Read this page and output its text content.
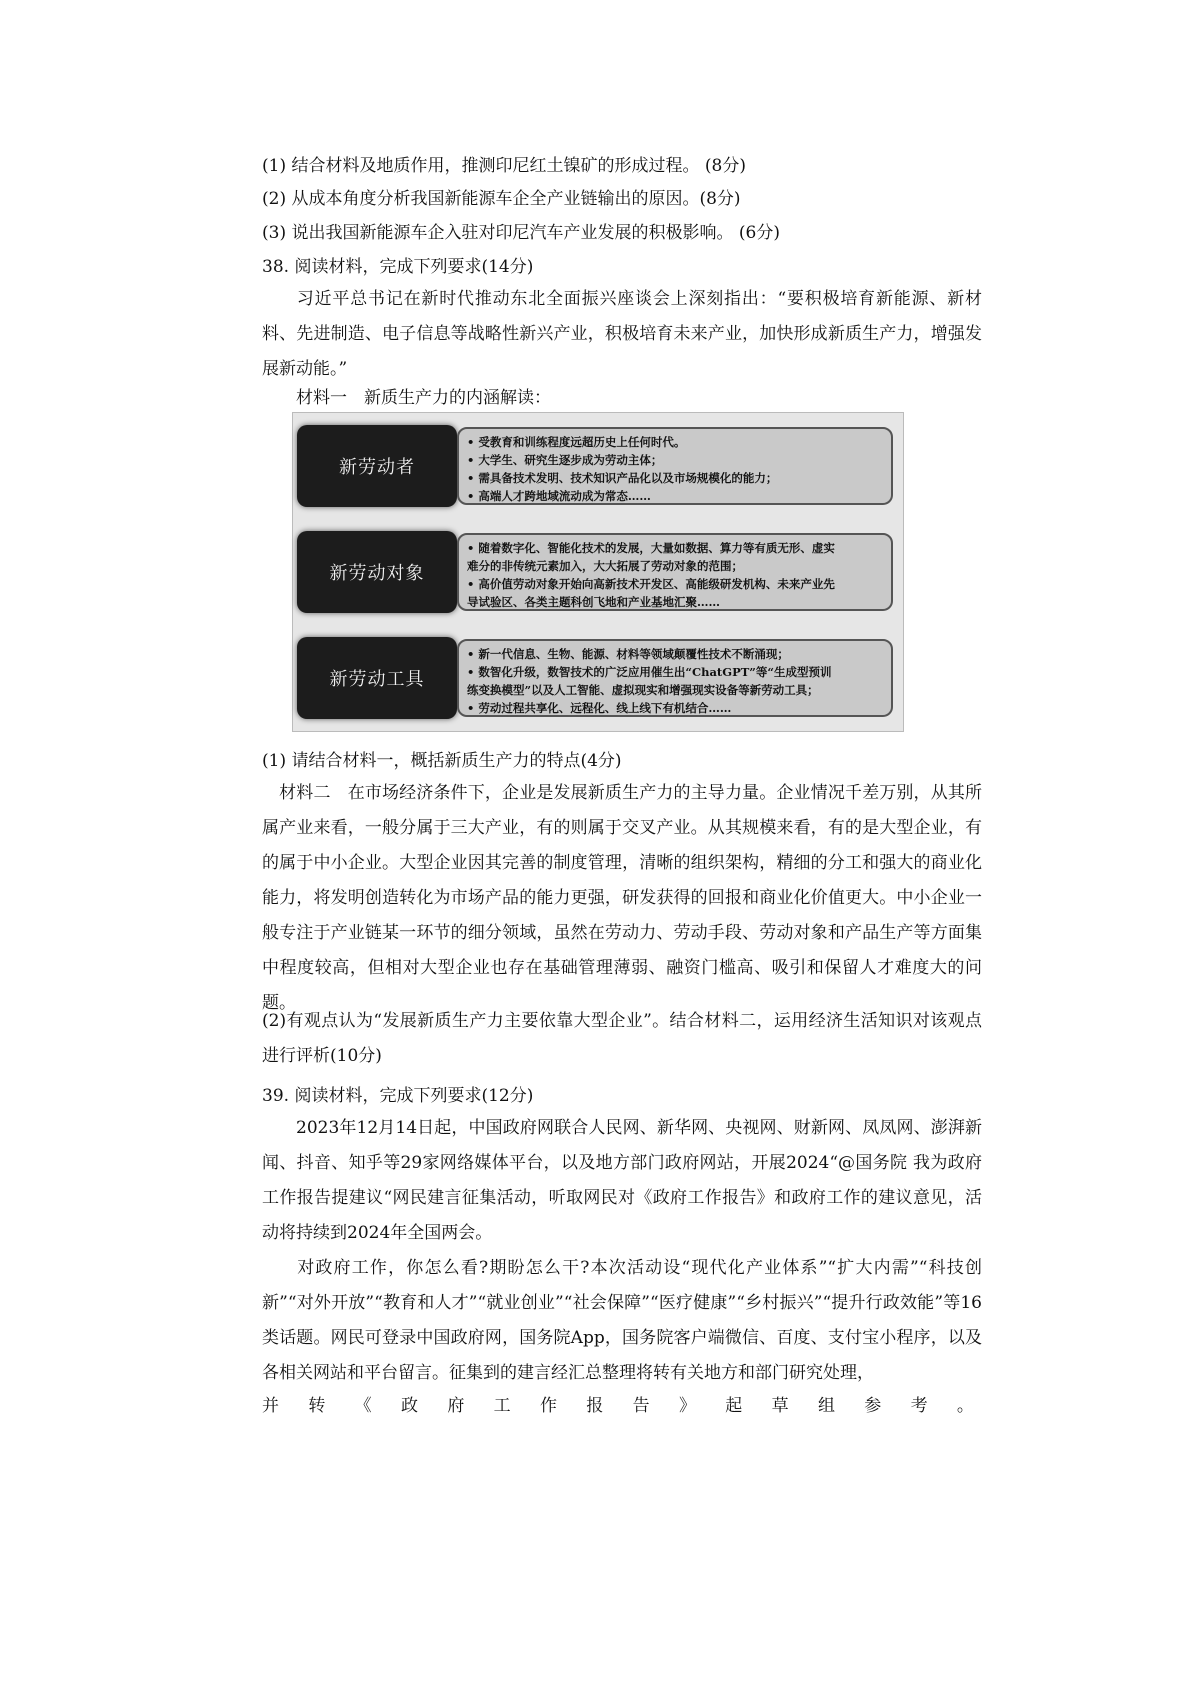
(1) 结合材料及地质作用，推测印尼红土镍矿的形成过程。 (8分)
(2) 从成本角度分析我国新能源车企全产业链输出的原因。(8分)
(3) 说出我国新能源车企入驻对印尼汽车产业发展的积极影响。 (6分)
38. 阅读材料，完成下列要求(14分)
习近平总书记在新时代推动东北全面振兴座谈会上深刻指出：“要积极培育新能源、新材料、先进制造、电子信息等战略性新兴产业，积极培育未来产业，加快形成新质生产力，增强发展新动能。”
材料一　新质生产力的内涵解读：
新劳动者
• 受教育和训练程度远超历史上任何时代。
• 大学生、研究生逐步成为劳动主体；
• 需具备技术发明、技术知识产品化以及市场规模化的能力；
• 高端人才跨地域流动成为常态……
新劳动对象
• 随着数字化、智能化技术的发展，大量如数据、算力等有质无形、虚实
难分的非传统元素加入，大大拓展了劳动对象的范围；
• 高价值劳动对象开始向高新技术开发区、高能级研发机构、未来产业先
导试验区、各类主题科创飞地和产业基地汇聚……
新劳动工具
• 新一代信息、生物、能源、材料等领域颠覆性技术不断涌现；
• 数智化升级，数智技术的广泛应用催生出“ChatGPT”等“生成型预训
练变换模型”以及人工智能、虚拟现实和增强现实设备等新劳动工具；
• 劳动过程共享化、远程化、线上线下有机结合……
(1) 请结合材料一，概括新质生产力的特点(4分)
材料二　在市场经济条件下，企业是发展新质生产力的主导力量。企业情况千差万别，从其所属产业来看，一般分属于三大产业，有的则属于交叉产业。从其规模来看，有的是大型企业，有的属于中小企业。大型企业因其完善的制度管理，清晰的组织架构，精细的分工和强大的商业化能力，将发明创造转化为市场产品的能力更强，研发获得的回报和商业化价值更大。中小企业一般专注于产业链某一环节的细分领域，虽然在劳动力、劳动手段、劳动对象和产品生产等方面集中程度较高，但相对大型企业也存在基础管理薄弱、融资门槛高、吸引和保留人才难度大的问题。
(2)有观点认为“发展新质生产力主要依靠大型企业”。结合材料二，运用经济生活知识对该观点进行评析(10分)
39. 阅读材料，完成下列要求(12分)
2023年12月14日起，中国政府网联合人民网、新华网、央视网、财新网、凤凤网、澎湃新闻、抖音、知乎等29家网络媒体平台，以及地方部门政府网站，开展2024“@国务院 我为政府工作报告提建议“网民建言征集活动，听取网民对《政府工作报告》和政府工作的建议意见，活动将持续到2024年全国两会。
对政府工作，你怎么看?期盼怎么干?本次活动设“现代化产业体系”“扩大内需”“科技创新”“对外开放”“教育和人才”“就业创业”“社会保障”“医疗健康”“乡村振兴”“提升行政效能”等16类话题。网民可登录中国政府网，国务院App，国务院客户端微信、百度、支付宝小程序，以及各相关网站和平台留言。征集到的建言经汇总整理将转有关地方和部门研究处理，
并 转 《 政 府 工 作 报 告 》 起 草 组 参 考 。
